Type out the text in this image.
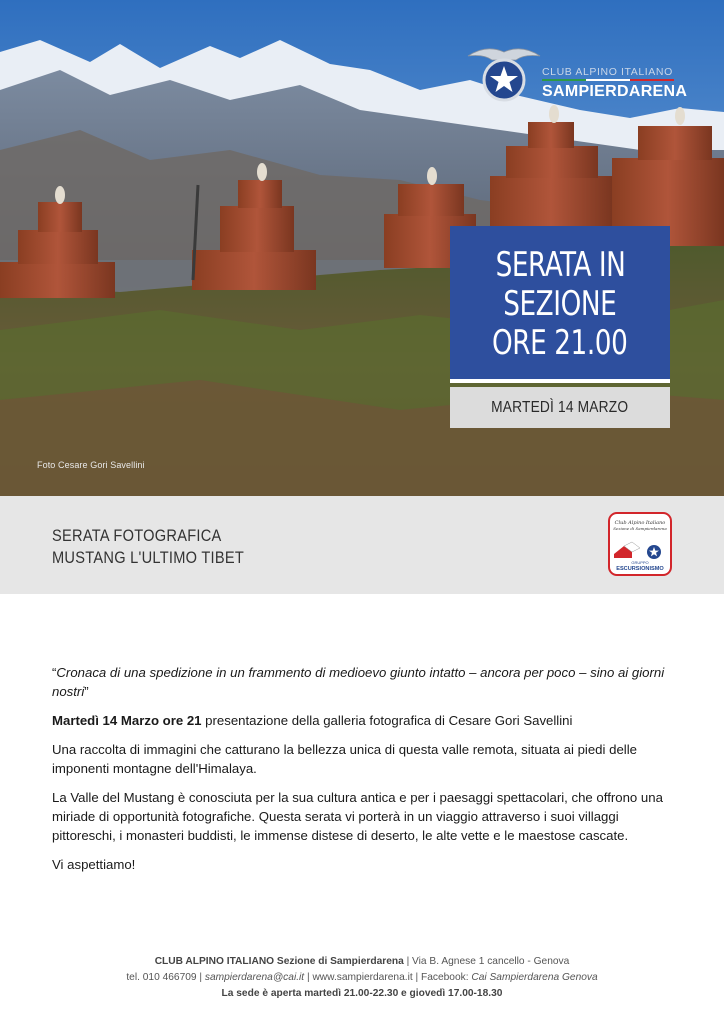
CLUB ALPINO ITALIANO
SAMPIERDARENA
SERATA IN
SEZIONE
ORE 21.00
MARTEDÌ 14 MARZO
Foto Cesare Gori Savellini
SERATA FOTOGRAFICA
MUSTANG L'ULTIMO TIBET
Club Alpino Italiano
Sezione di Sampierdarena
GRUPPO
ESCURSIONISMO

“Cronaca di una spedizione in un frammento di medioevo giunto intatto – ancora per poco – sino ai giorni nostri”

Martedì 14 Marzo ore 21 presentazione della galleria fotografica di Cesare Gori Savellini

Una raccolta di immagini che catturano la bellezza unica di questa valle remota, situata ai piedi delle imponenti montagne dell'Himalaya.

La Valle del Mustang è conosciuta per la sua cultura antica e per i paesaggi spettacolari, che offrono una miriade di opportunità fotografiche. Questa serata vi porterà in un viaggio attraverso i suoi villaggi pittoreschi, i monasteri buddisti, le immense distese di deserto, le alte vette e le maestose cascate.

Vi aspettiamo!

CLUB ALPINO ITALIANO Sezione di Sampierdarena | Via B. Agnese 1 cancello - Genova
tel. 010 466709 | sampierdarena@cai.it | www.sampierdarena.it | Facebook: Cai Sampierdarena Genova
La sede è aperta martedì 21.00-22.30 e giovedì 17.00-18.30
